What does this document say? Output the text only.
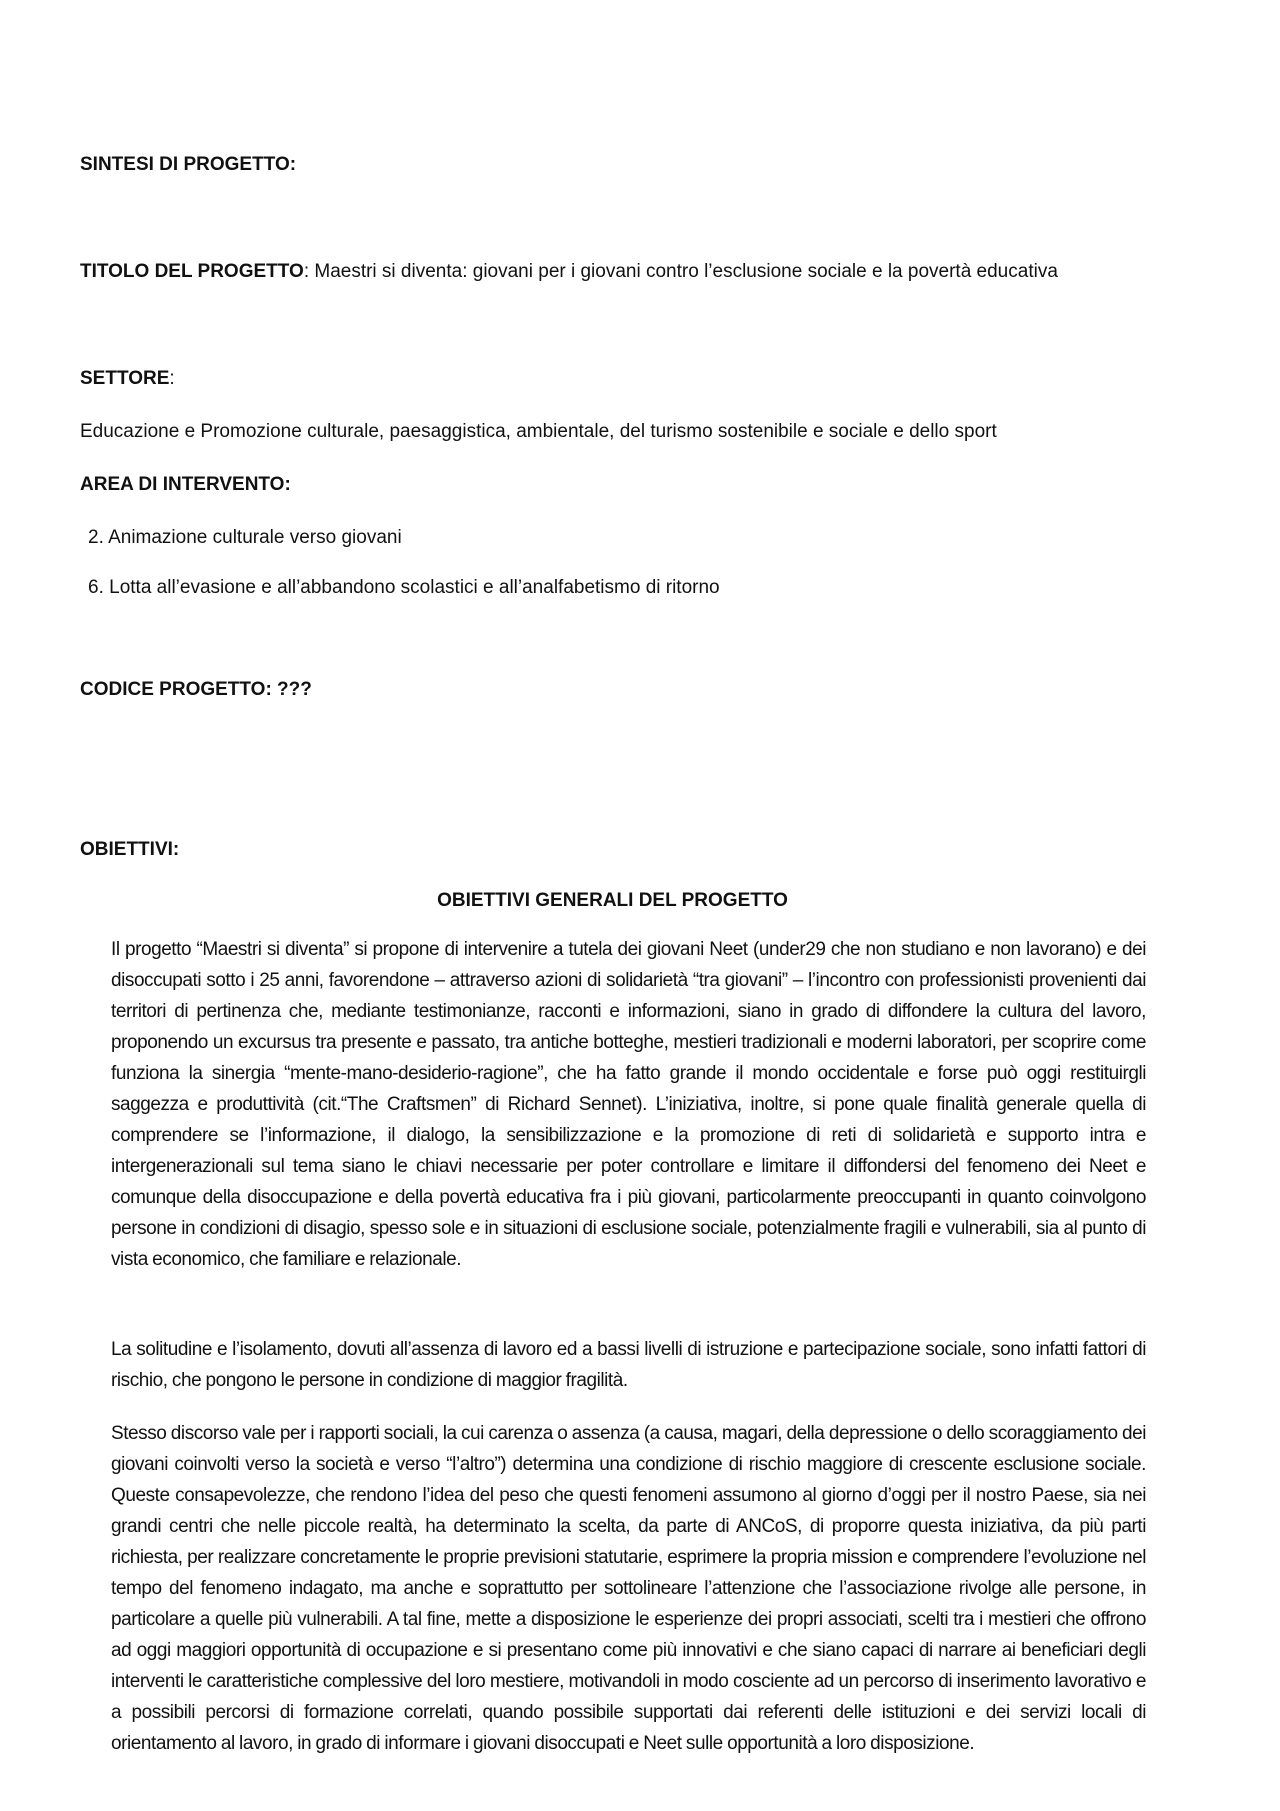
SINTESI DI PROGETTO:
TITOLO DEL PROGETTO: Maestri si diventa: giovani per i giovani contro l’esclusione sociale e la povertà educativa
SETTORE:
Educazione e Promozione culturale, paesaggistica, ambientale, del turismo sostenibile e sociale e dello sport
AREA DI INTERVENTO:
2. Animazione culturale verso giovani
6. Lotta all’evasione e all’abbandono scolastici e all’analfabetismo di ritorno
CODICE PROGETTO: ???
OBIETTIVI:
OBIETTIVI GENERALI DEL PROGETTO
Il progetto “Maestri si diventa” si propone di intervenire a tutela dei giovani Neet (under29 che non studiano e non lavorano) e dei disoccupati sotto i 25 anni, favorendone – attraverso azioni di solidarietà “tra giovani” – l’incontro con professionisti provenienti dai territori di pertinenza che, mediante testimonianze, racconti e informazioni, siano in grado di diffondere la cultura del lavoro, proponendo un excursus tra presente e passato, tra antiche botteghe, mestieri tradizionali e moderni laboratori, per scoprire come funziona la sinergia “mente-mano-desiderio-ragione”, che ha fatto grande il mondo occidentale e forse può oggi restituirgli saggezza e produttività (cit.“The Craftsmen” di Richard Sennet). L’iniziativa, inoltre, si pone quale finalità generale quella di comprendere se l’informazione, il dialogo, la sensibilizzazione e la promozione di reti di solidarietà e supporto intra e intergenerazionali sul tema siano le chiavi necessarie per poter controllare e limitare il diffondersi del fenomeno dei Neet e comunque della disoccupazione e della povertà educativa fra i più giovani, particolarmente preoccupanti in quanto coinvolgono persone in condizioni di disagio, spesso sole e in situazioni di esclusione sociale, potenzialmente fragili e vulnerabili, sia al punto di vista economico, che familiare e relazionale.
La solitudine e l’isolamento, dovuti all’assenza di lavoro ed a bassi livelli di istruzione e partecipazione sociale, sono infatti fattori di rischio, che pongono le persone in condizione di maggior fragilità.
Stesso discorso vale per i rapporti sociali, la cui carenza o assenza (a causa, magari, della depressione o dello scoraggiamento dei giovani coinvolti verso la società e verso “l’altro”) determina una condizione di rischio maggiore di crescente esclusione sociale. Queste consapevolezze, che rendono l’idea del peso che questi fenomeni assumono al giorno d’oggi per il nostro Paese, sia nei grandi centri che nelle piccole realtà, ha determinato la scelta, da parte di ANCoS, di proporre questa iniziativa, da più parti richiesta, per realizzare concretamente le proprie previsioni statutarie, esprimere la propria mission e comprendere l’evoluzione nel tempo del fenomeno indagato, ma anche e soprattutto per sottolineare l’attenzione che l’associazione rivolge alle persone, in particolare a quelle più vulnerabili. A tal fine, mette a disposizione le esperienze dei propri associati, scelti tra i mestieri che offrono ad oggi maggiori opportunità di occupazione e si presentano come più innovativi e che siano capaci di narrare ai beneficiari degli interventi le caratteristiche complessive del loro mestiere, motivandoli in modo cosciente ad un percorso di inserimento lavorativo e a possibili percorsi di formazione correlati, quando possibile supportati dai referenti delle istituzioni e dei servizi locali di orientamento al lavoro, in grado di informare i giovani disoccupati e Neet sulle opportunità a loro disposizione.
